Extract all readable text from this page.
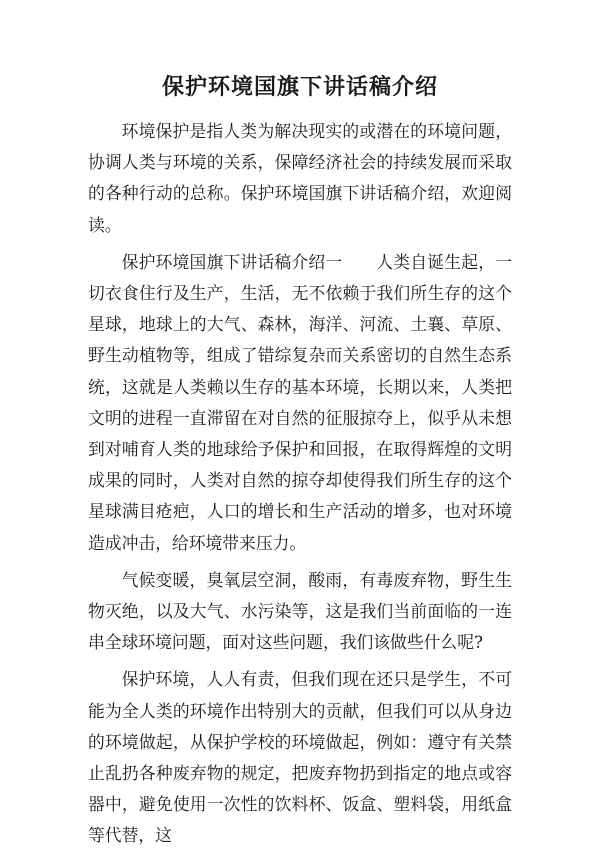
保护环境国旗下讲话稿介绍

环境保护是指人类为解决现实的或潜在的环境问题，协调人类与环境的关系，保障经济社会的持续发展而采取的各种行动的总称。保护环境国旗下讲话稿介绍，欢迎阅读。

保护环境国旗下讲话稿介绍一　　人类自诞生起，一切衣食住行及生产，生活，无不依赖于我们所生存的这个星球，地球上的大气、森林，海洋、河流、土襄、草原、野生动植物等，组成了错综复杂而关系密切的自然生态系统，这就是人类赖以生存的基本环境，长期以来，人类把文明的进程一直滞留在对自然的征服掠夺上，似乎从未想到对哺育人类的地球给予保护和回报，在取得辉煌的文明成果的同时，人类对自然的掠夺却使得我们所生存的这个星球满目疮疤，人口的增长和生产活动的增多，也对环境造成冲击，给环境带来压力。

气候变暖，臭氧层空洞，酸雨，有毒废弃物，野生生物灭绝，以及大气、水污染等，这是我们当前面临的一连串全球环境问题，面对这些问题，我们该做些什么呢?

保护环境，人人有责，但我们现在还只是学生，不可能为全人类的环境作出特别大的贡献，但我们可以从身边的环境做起，从保护学校的环境做起，例如：遵守有关禁止乱扔各种废弃物的规定，把废弃物扔到指定的地点或容器中，避免使用一次性的饮料杯、饭盒、塑料袋，用纸盒等代替，这
